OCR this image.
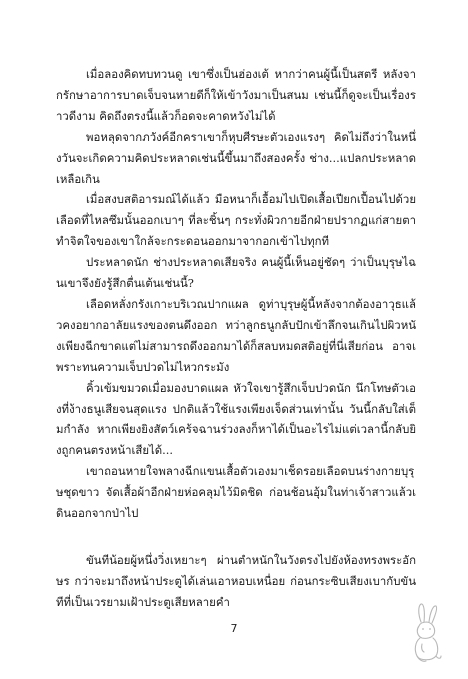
เมื่อลองคิดทบทวนดู เขาซึ่งเป็นฮ่องเต้ หากว่าคนผู้นี้เป็นสตรี หลังจากรักษาอาการบาดเจ็บจนหายดีก็ให้เข้าวังมาเป็นสนม เช่นนี้ก็ดูจะเป็นเรื่องราวดีงาม คิดถึงตรงนี้แล้วก็อดจะคาดหวังไม่ได้

พอหลุดจากภวังค์อีกคราเขาก็หุบศีรษะตัวเองแรงๆ คิดไม่ถึงว่าในหนึ่งวันจะเกิดความคิดประหลาดเช่นนี้ขึ้นมาถึงสองครั้ง ช่าง...แปลกประหลาดเหลือเกิน

เมื่อสงบสติอารมณ์ได้แล้ว มือหนาก็เอื้อมไปเปิดเสื้อเปียกเปื้อนไปด้วยเลือดที่ไหลซึมนั้นออกเบาๆ ที่ละชิ้นๆ กระทั่งผิวกายอีกฝ่ายปรากฏแก่สายตา ทำจิตใจของเขาใกล้จะกระดอนออกมาจากอกเข้าไปทุกที

ประหลาดนัก ช่างประหลาดเสียจริง คนผู้นี้เห็นอยู่ชัดๆ ว่าเป็นบุรุษไฉนเขาจึงยังรู้สึกตื่นเต้นเช่นนี้?

เลือดหลั่งกรังเกาะบริเวณปากแผล ดูท่าบุรุษผู้นี้หลังจากต้องอาวุธแล้วคงอยากอาลัยแรงของตนดึงออก ทว่าลูกธนูกลับปักเข้าลึกจนเกินไปผิวหนังเพียงฉีกขาดแต่ไม่สามารถดึงออกมาได้ก็สลบหมดสติอยู่ที่นี่เสียก่อน อาจเพราะทนความเจ็บปวดไม่ไหวกระมัง

คิ้วเข้มขมวดเมื่อมองบาดแผล หัวใจเขารู้สึกเจ็บปวดนัก นึกโทษตัวเองที่ง้างธนูเสียจนสุดแรง ปกติแล้วใช้แรงเพียงเจ็ดส่วนเท่านั้น วันนี้กลับใส่เต็มกำลัง หากเพียงยิงสัตว์เคร้จฉานร่วงลงก็หาได้เป็นอะไรไม่แต่เวลานี้กลับยิงถูกคนตรงหน้าเสียได้...

เขาถอนหายใจพลางฉีกแขนเสื้อตัวเองมาเช็ดรอยเลือดบนร่างกายบุรุษชุดขาว จัดเสื้อผ้าอีกฝ่ายห่อคลุมไว้มิดชิด ก่อนช้อนอุ้มในท่าเจ้าสาวแล้วเดินออกจากป่าไป

ขันทีน้อยผู้หนึ่งวิ่งเหยาะๆ ผ่านตำหนักในวังตรงไปยังห้องทรงพระอักษร กว่าจะมาถึงหน้าประตูได้เล่นเอาหอบเหนื่อย ก่อนกระซิบเสียงเบากับขันทีที่เป็นเวรยามเฝ้าประตูเสียหลายคำ

7
